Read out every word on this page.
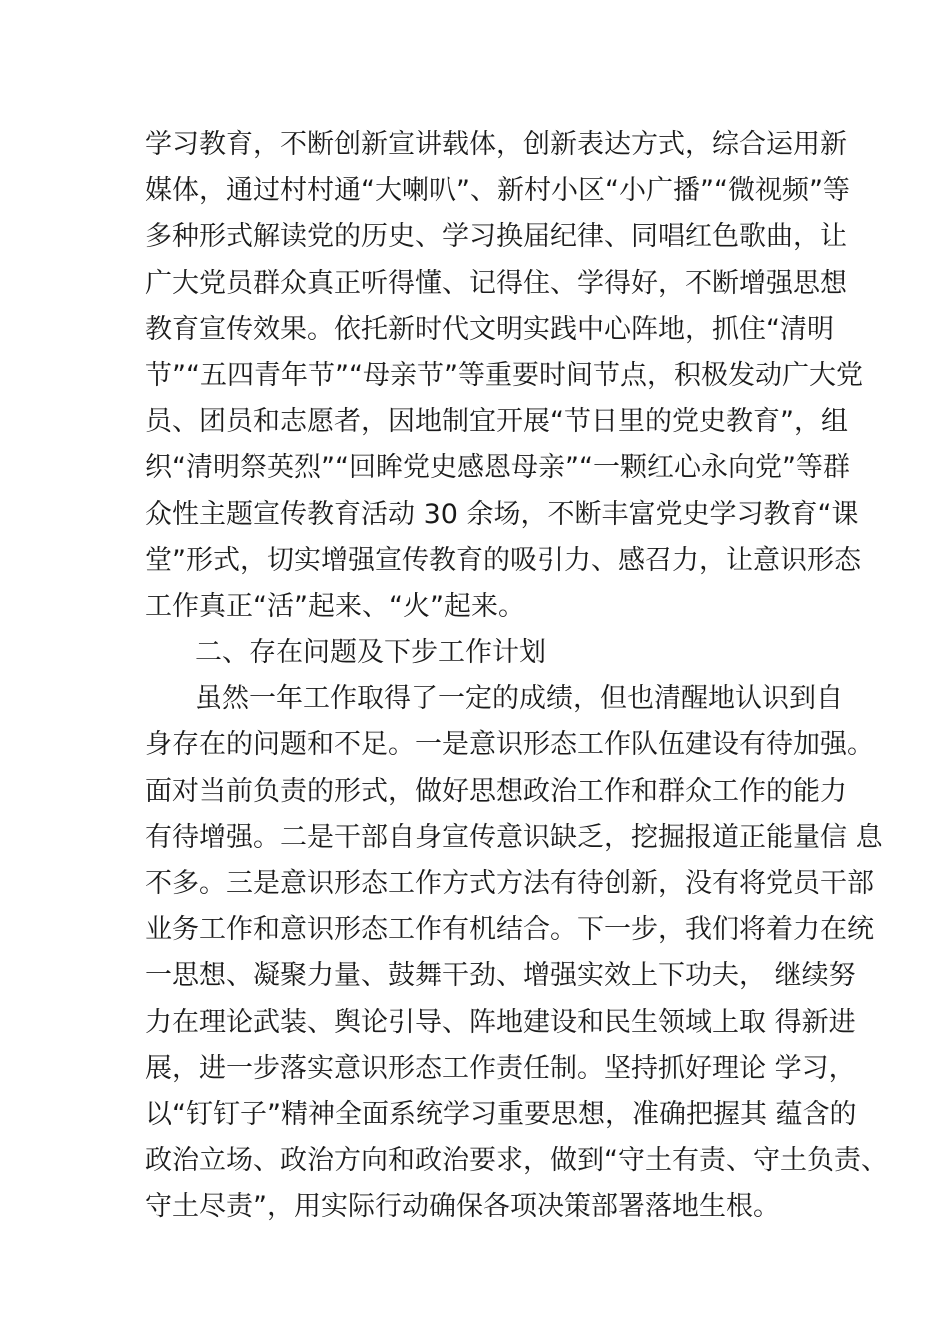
学习教育，不断创新宣讲载体，创新表达方式，综合运用新
媒体，通过村村通“大喇叭”、新村小区“小广播”“微视频”等
多种形式解读党的历史、学习换届纪律、同唱红色歌曲，让
广大党员群众真正听得懂、记得住、学得好，不断增强思想
教育宣传效果。依托新时代文明实践中心阵地，抓住“清明
节”“五四青年节”“母亲节”等重要时间节点，积极发动广大党
员、团员和志愿者，因地制宜开展“节日里的党史教育”，组
织“清明祭英烈”“回眸党史感恩母亲”“一颗红心永向党”等群
众性主题宣传教育活动 30 余场，不断丰富党史学习教育“课
堂”形式，切实增强宣传教育的吸引力、感召力，让意识形态
工作真正“活”起来、“火”起来。
二、存在问题及下步工作计划
虽然一年工作取得了一定的成绩，但也清醒地认识到自
身存在的问题和不足。一是意识形态工作队伍建设有待加强。
面对当前负责的形式，做好思想政治工作和群众工作的能力
有待增强。二是干部自身宣传意识缺乏，挖掘报道正能量信 息
不多。三是意识形态工作方式方法有待创新，没有将党员干部
业务工作和意识形态工作有机结合。下一步，我们将着力在统
一思想、凝聚力量、鼓舞干劲、增强实效上下功夫， 继续努
力在理论武装、舆论引导、阵地建设和民生领域上取 得新进
展，进一步落实意识形态工作责任制。坚持抓好理论 学习，
以“钉钉子”精神全面系统学习重要思想，准确把握其 蕴含的
政治立场、政治方向和政治要求，做到“守土有责、守土负责、
守土尽责”，用实际行动确保各项决策部署落地生根。
